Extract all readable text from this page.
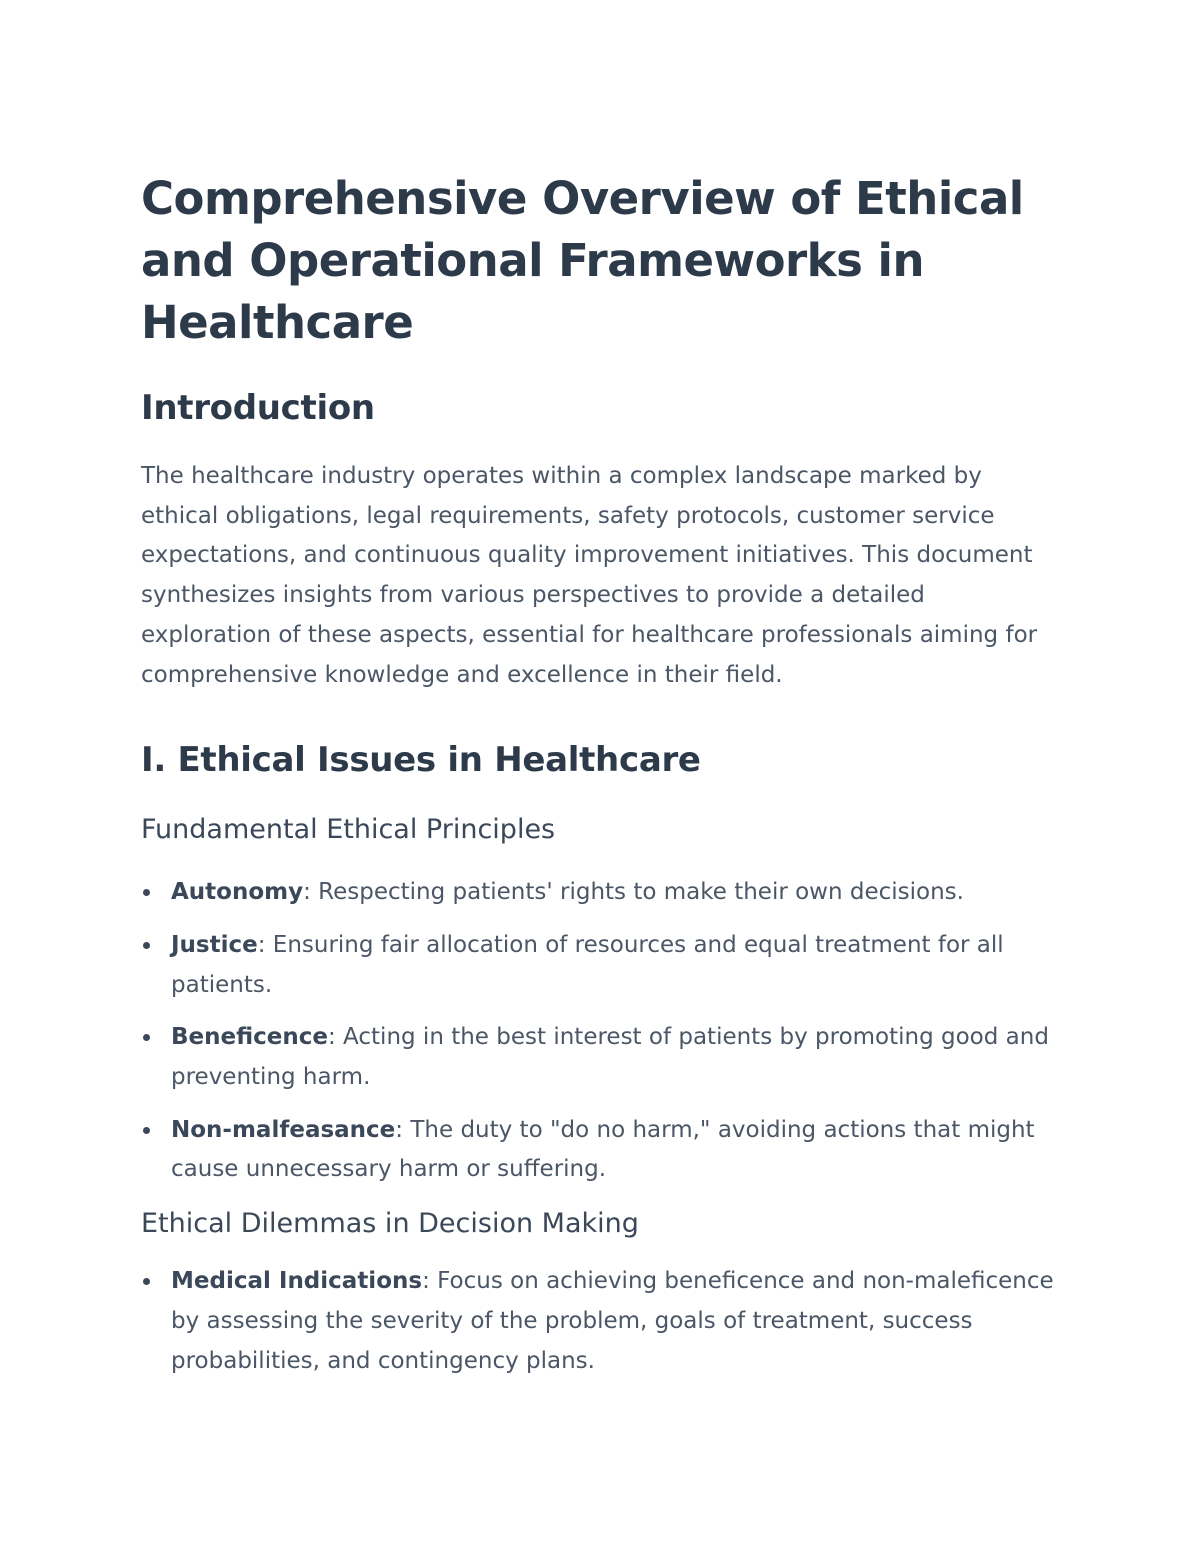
Comprehensive Overview of Ethical and Operational Frameworks in Healthcare
Introduction

The healthcare industry operates within a complex landscape marked by ethical obligations, legal requirements, safety protocols, customer service expectations, and continuous quality improvement initiatives. This document synthesizes insights from various perspectives to provide a detailed exploration of these aspects, essential for healthcare professionals aiming for comprehensive knowledge and excellence in their field.

I. Ethical Issues in Healthcare
Fundamental Ethical Principles
Autonomy: Respecting patients' rights to make their own decisions.
Justice: Ensuring fair allocation of resources and equal treatment for all patients.
Beneficence: Acting in the best interest of patients by promoting good and preventing harm.
Non-malfeasance: The duty to "do no harm," avoiding actions that might cause unnecessary harm or suffering.
Ethical Dilemmas in Decision Making
Medical Indications: Focus on achieving beneficence and non-maleficence by assessing the severity of the problem, goals of treatment, success probabilities, and contingency plans.
